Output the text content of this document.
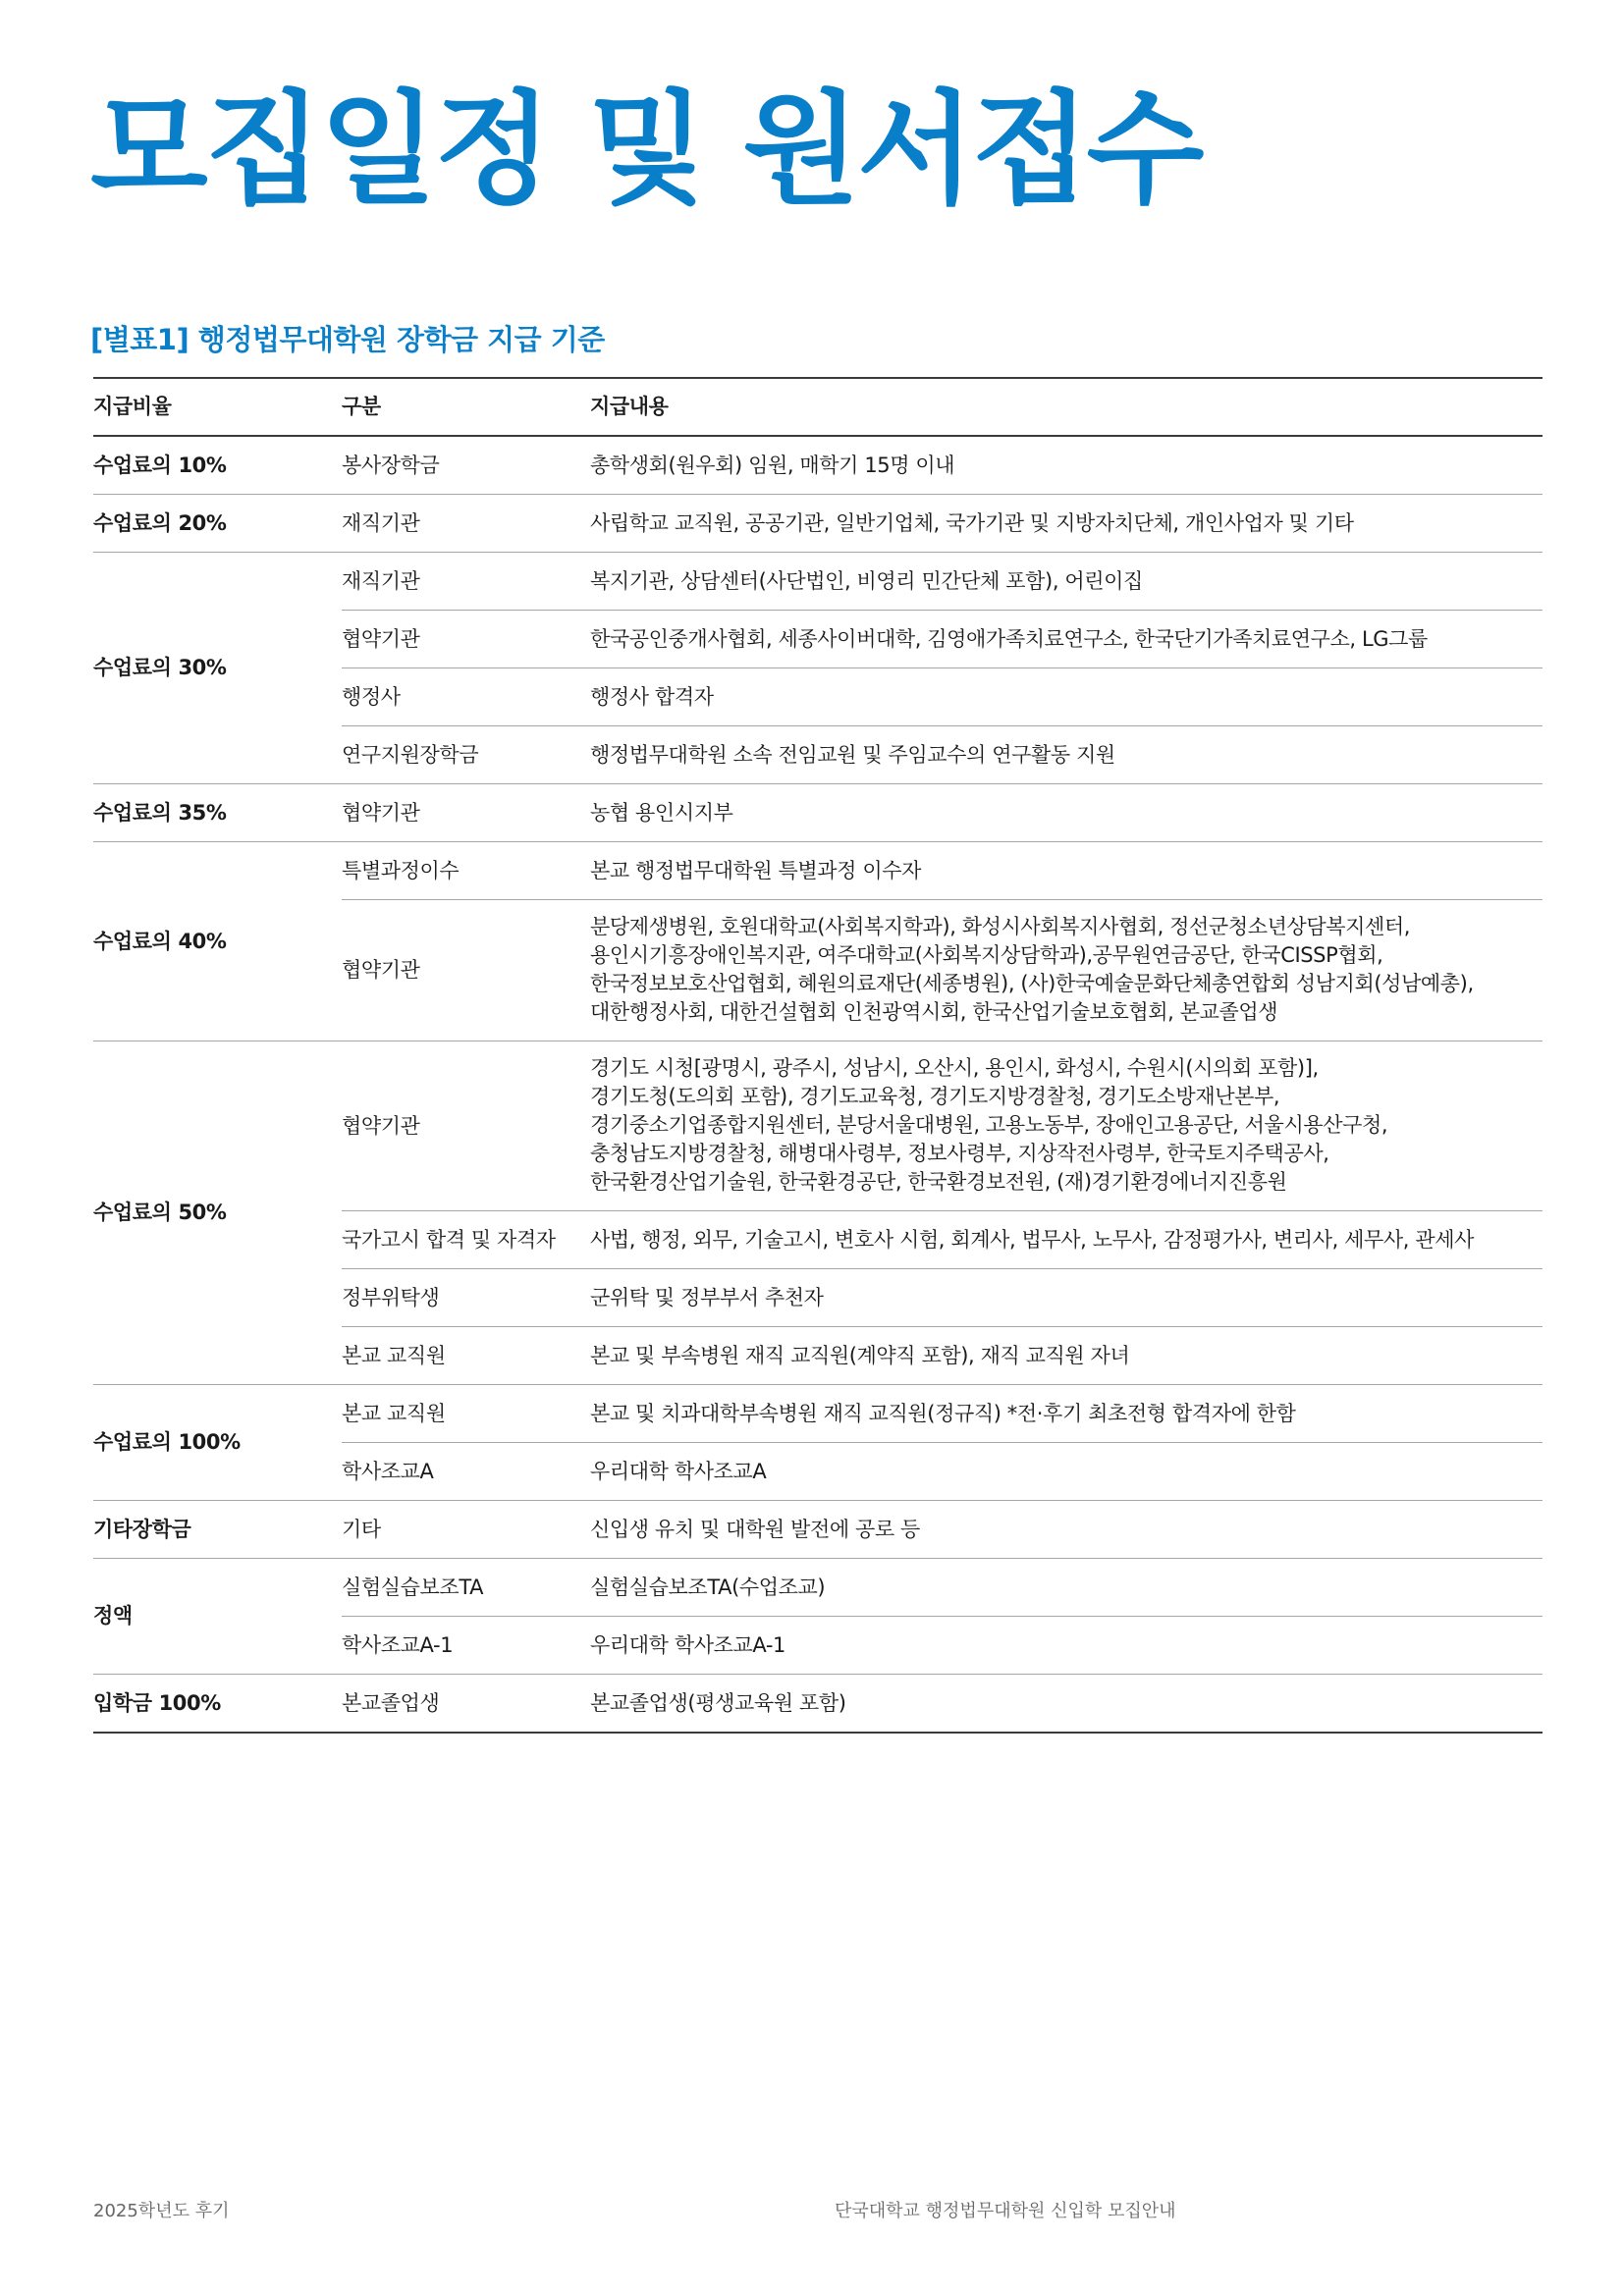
모집일정 및 원서접수
[별표1] 행정법무대학원 장학금 지급 기준
지급비율	구분	지급내용
수업료의 10%	봉사장학금	총학생회(원우회) 임원, 매학기 15명 이내

수업료의 20%	재직기관	사립학교 교직원, 공공기관, 일반기업체, 국가기관 및 지방자치단체, 개인사업자 및 기타

수업료의 30%	재직기관	복지기관, 상담센터(사단법인, 비영리 민간단체 포함), 어린이집

	협약기관	한국공인중개사협회, 세종사이버대학, 김영애가족치료연구소, 한국단기가족치료연구소, LG그룹

	행정사	행정사 합격자

	연구지원장학금	행정법무대학원 소속 전임교원 및 주임교수의 연구활동 지원

수업료의 35%	협약기관	농협 용인시지부

수업료의 40%	특별과정이수	본교 행정법무대학원 특별과정 이수자

	협약기관	분당제생병원, 호원대학교(사회복지학과), 화성시사회복지사협회, 정선군청소년상담복지센터,
용인시기흥장애인복지관, 여주대학교(사회복지상담학과),공무원연금공단, 한국CISSP협회,
한국정보보호산업협회, 혜원의료재단(세종병원), (사)한국예술문화단체총연합회 성남지회(성남예총),
대한행정사회, 대한건설협회 인천광역시회, 한국산업기술보호협회, 본교졸업생

수업료의 50%	협약기관	경기도 시청[광명시, 광주시, 성남시, 오산시, 용인시, 화성시, 수원시(시의회 포함)],
경기도청(도의회 포함), 경기도교육청, 경기도지방경찰청, 경기도소방재난본부,
경기중소기업종합지원센터, 분당서울대병원, 고용노동부, 장애인고용공단, 서울시용산구청,
충청남도지방경찰청, 해병대사령부, 정보사령부, 지상작전사령부, 한국토지주택공사,
한국환경산업기술원, 한국환경공단, 한국환경보전원, (재)경기환경에너지진흥원

	국가고시 합격 및 자격자	사법, 행정, 외무, 기술고시, 변호사 시험, 회계사, 법무사, 노무사, 감정평가사, 변리사, 세무사, 관세사

	정부위탁생	군위탁 및 정부부서 추천자

	본교 교직원	본교 및 부속병원 재직 교직원(계약직 포함), 재직 교직원 자녀

수업료의 100%	본교 교직원	본교 및 치과대학부속병원 재직 교직원(정규직) *전·후기 최초전형 합격자에 한함

	학사조교A	우리대학 학사조교A

기타장학금	기타	신입생 유치 및 대학원 발전에 공로 등

정액	실험실습보조TA	실험실습보조TA(수업조교)

	학사조교A-1	우리대학 학사조교A-1

입학금 100%	본교졸업생	본교졸업생(평생교육원 포함)
2025학년도 후기	단국대학교 행정법무대학원 신입학 모집안내
